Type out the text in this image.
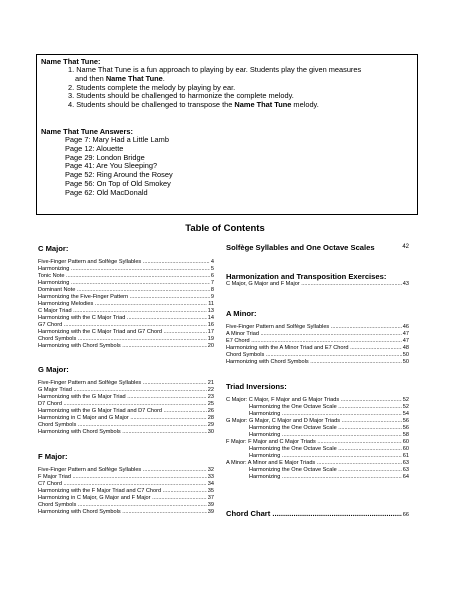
Name That Tune:
1. Name That Tune is a fun approach to playing by ear. Students play the given measures
and then Name That Tune.
2. Students complete the melody by playing by ear.
3. Students should be challenged to harmonize the complete melody.
4. Students should be challenged to transpose the Name That Tune melody.
Name That Tune Answers:
Page 7: Mary Had a Little Lamb
Page 12: Alouette
Page 29: London Bridge
Page 41: Are You Sleeping?
Page 52: Ring Around the Rosey
Page 56: On Top of Old Smokey
Page 62: Old MacDonald
Table of Contents
C Major:
Five-Finger Pattern and Solfège Syllables .....	4
Harmonizing .....	5
Tonic Note .....	6
Harmonizing .....	7
Dominant Note .....	8
Harmonizing the Five-Finger Pattern .....	9
Harmonizing Melodies .....	11
C Major Triad .....	13
Harmonizing with the C Major Triad .....	14
G7 Chord .....	16
Harmonizing with the C Major Triad and G7 Chord .....	17
Chord Symbols .....	19
Harmonizing with Chord Symbols .....	20
G Major:
Five-Finger Pattern and Solfège Syllables .....	21
G Major Triad .....	22
Harmonizing with the G Major Triad .....	23
D7 Chord .....	25
Harmonizing with the G Major Triad and D7 Chord .....	26
Harmonizing in C Major and G Major .....	28
Chord Symbols .....	29
Harmonizing with Chord Symbols .....	30
F Major:
Five-Finger Pattern and Solfège Syllables .....	32
F Major Triad .....	33
C7 Chord .....	34
Harmonizing with the F Major Triad and C7 Chord .....	35
Harmonizing in C Major, G Major and F Major .....	37
Chord Symbols .....	39
Harmonizing with Chord Symbols .....	39
Solfège Syllables and One Octave Scales	42
Harmonization and Transposition Exercises:
C Major, G Major and F Major .....	43
A Minor:
Five-Finger Pattern and Solfège Syllables .....	46
A Minor Triad .....	47
E7 Chord .....	47
Harmonizing with the A Minor Triad and E7 Chord .....	48
Chord Symbols .....	50
Harmonizing with Chord Symbols .....	50
Triad Inversions:
C Major: C Major, F Major and G Major Triads .....	52
Harmonizing the One Octave Scale .....	52
Harmonizing .....	54
G Major: G Major, C Major and D Major Triads .....	56
Harmonizing the One Octave Scale .....	56
Harmonizing .....	58
F Major: F Major and C Major Triads .....	60
Harmonizing the One Octave Scale .....	60
Harmonizing .....	61
A Minor: A Minor and E Major Triads .....	63
Harmonizing the One Octave Scale .....	63
Harmonizing .....	64
Chord Chart .....	66
